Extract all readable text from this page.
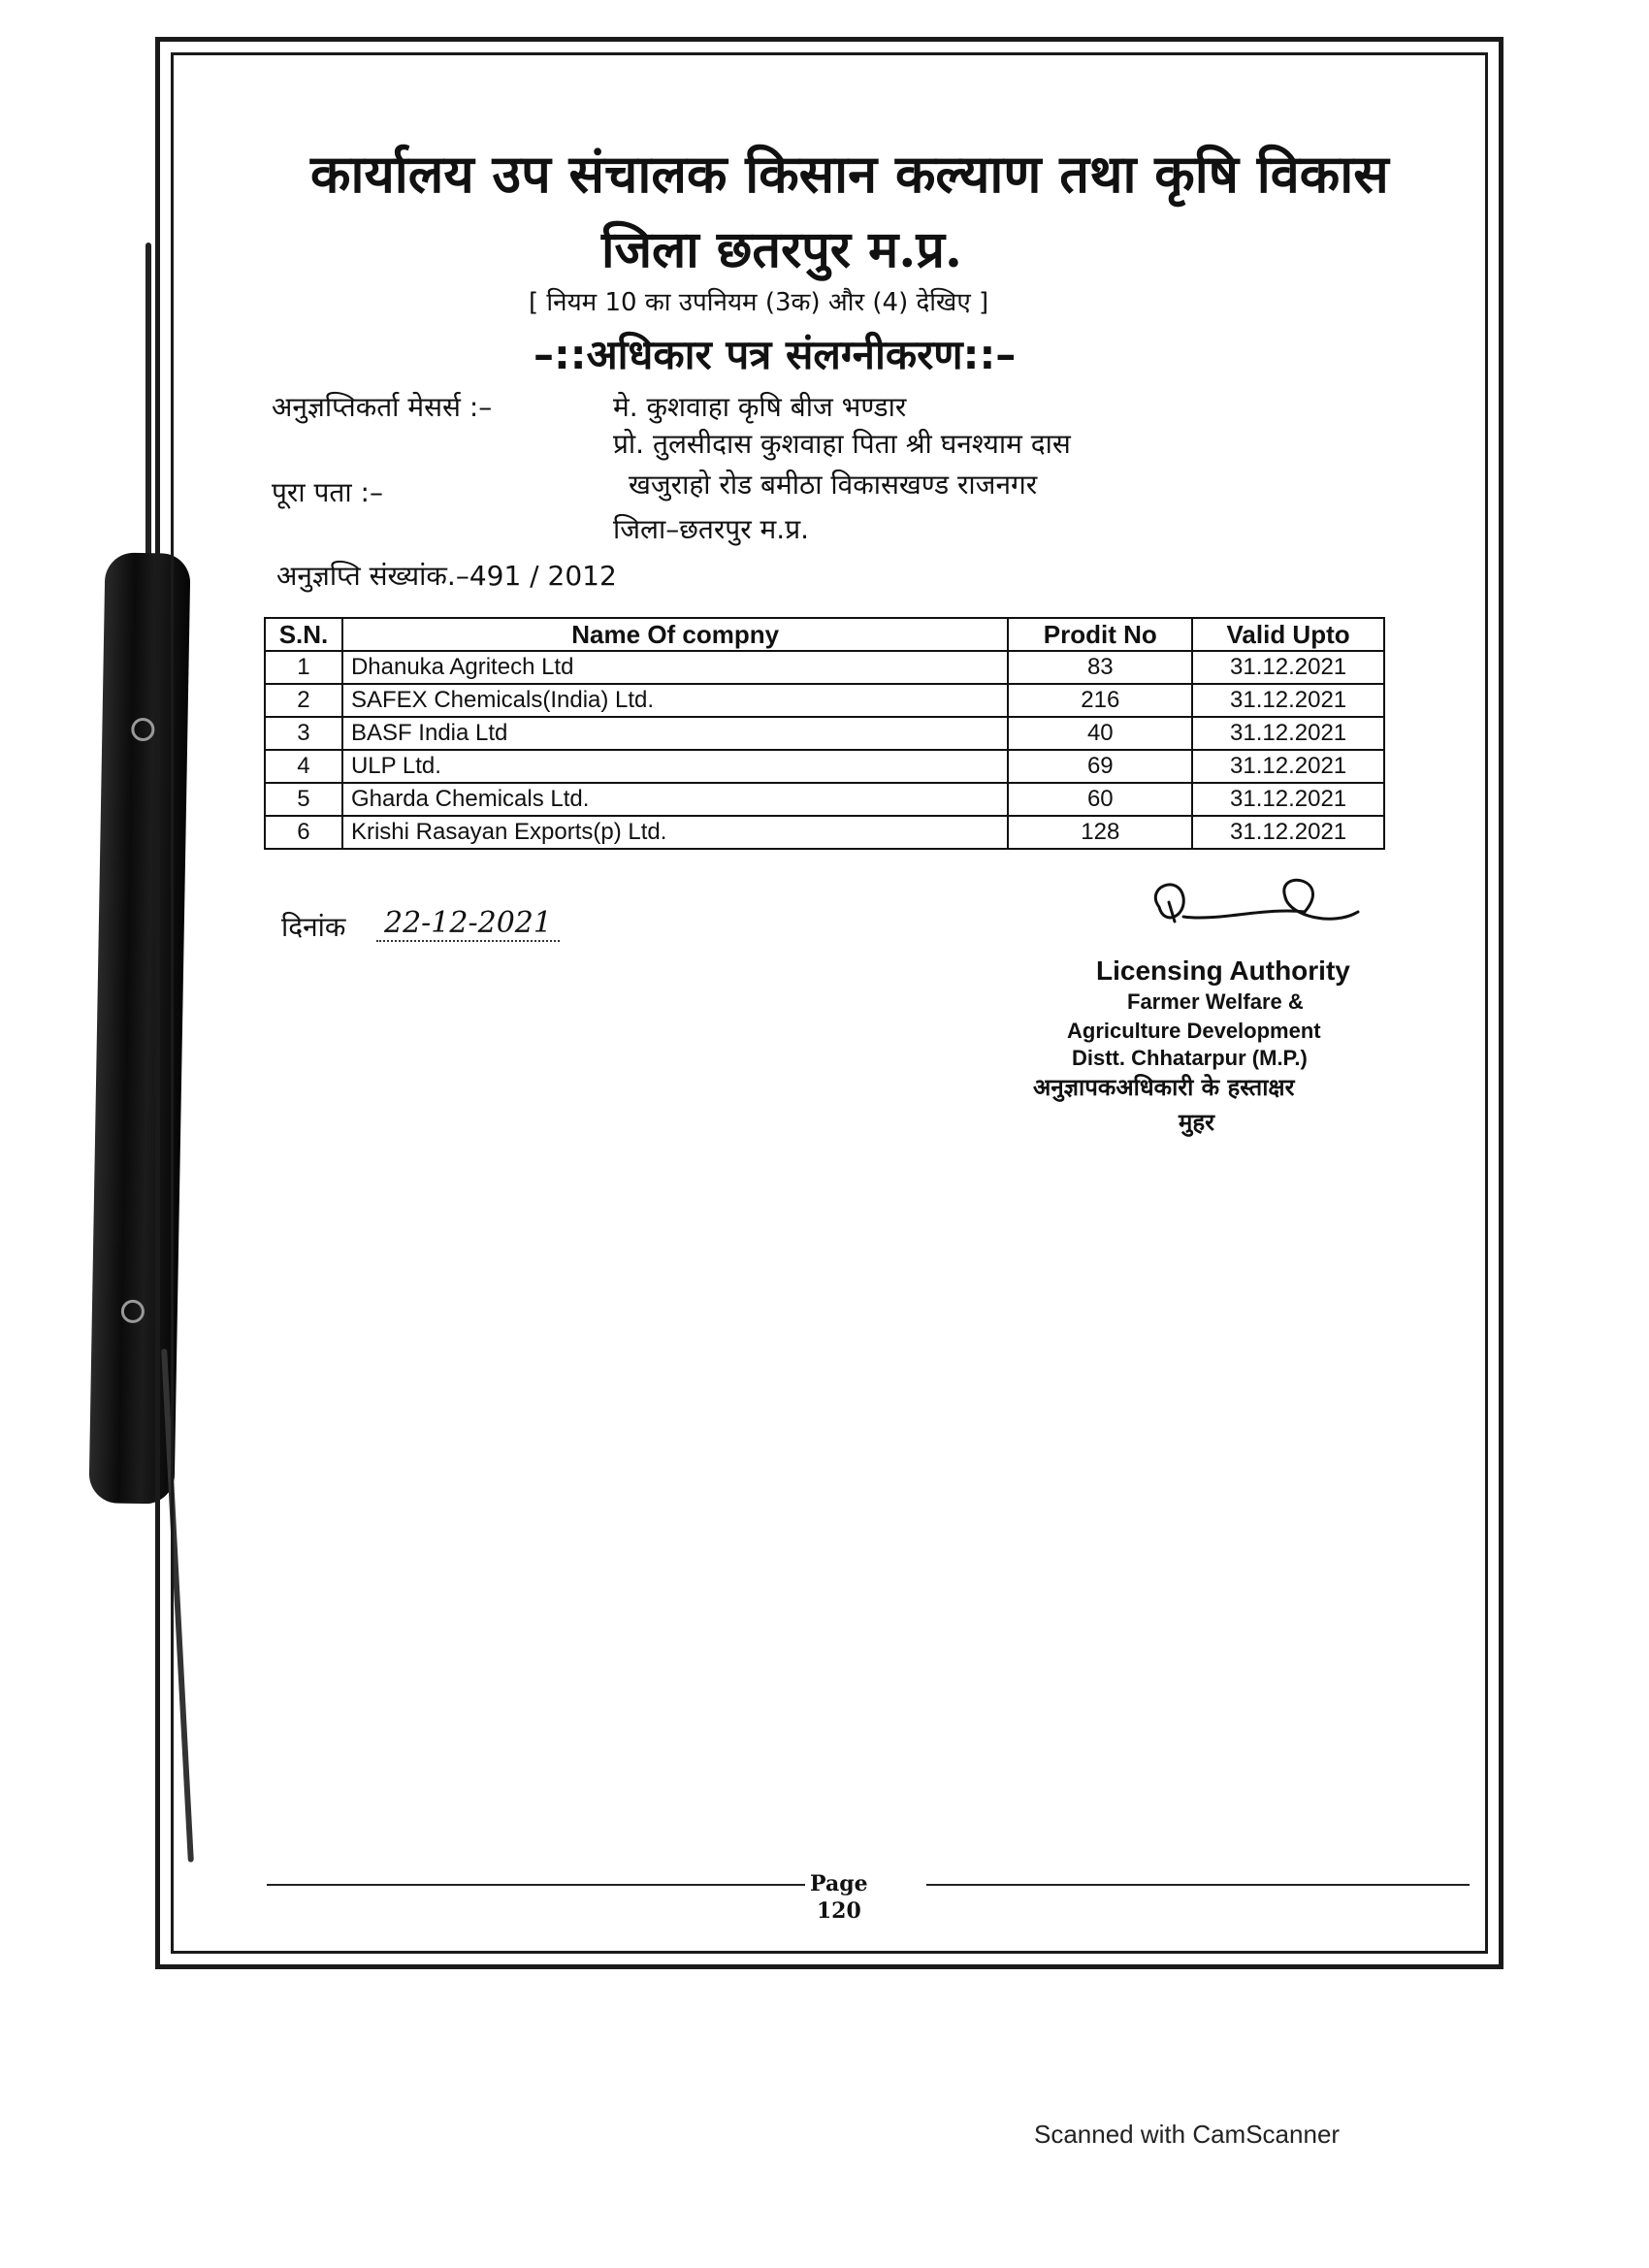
कार्यालय उप संचालक किसान कल्याण तथा कृषि विकास
जिला छतरपुर म.प्र.
[ नियम 10 का उपनियम (3क) और (4) देखिए ]
–::अधिकार पत्र संलग्नीकरण::–
अनुज्ञप्तिकर्ता मेसर्स :–	मे. कुशवाहा कृषि बीज भण्डार
प्रो. तुलसीदास कुशवाहा पिता श्री घनश्याम दास
पूरा पता :–	खजुराहो रोड बमीठा विकासखण्ड राजनगर
जिला–छतरपुर म.प्र.
अनुज्ञप्ति संख्यांक.–491 / 2012
S.N.	Name Of compny	Prodit No	Valid Upto
1	Dhanuka Agritech Ltd	83	31.12.2021
2	SAFEX Chemicals(India) Ltd.	216	31.12.2021
3	BASF India Ltd	40	31.12.2021
4	ULP Ltd.	69	31.12.2021
5	Gharda Chemicals Ltd.	60	31.12.2021
6	Krishi Rasayan Exports(p) Ltd.	128	31.12.2021
दिनांक 22-12-2021
Licensing Authority
Farmer Welfare &
Agriculture Development
Distt. Chhatarpur (M.P.)
अनुज्ञापकअधिकारी के हस्ताक्षर
मुहर
Page
120
Scanned with CamScanner
